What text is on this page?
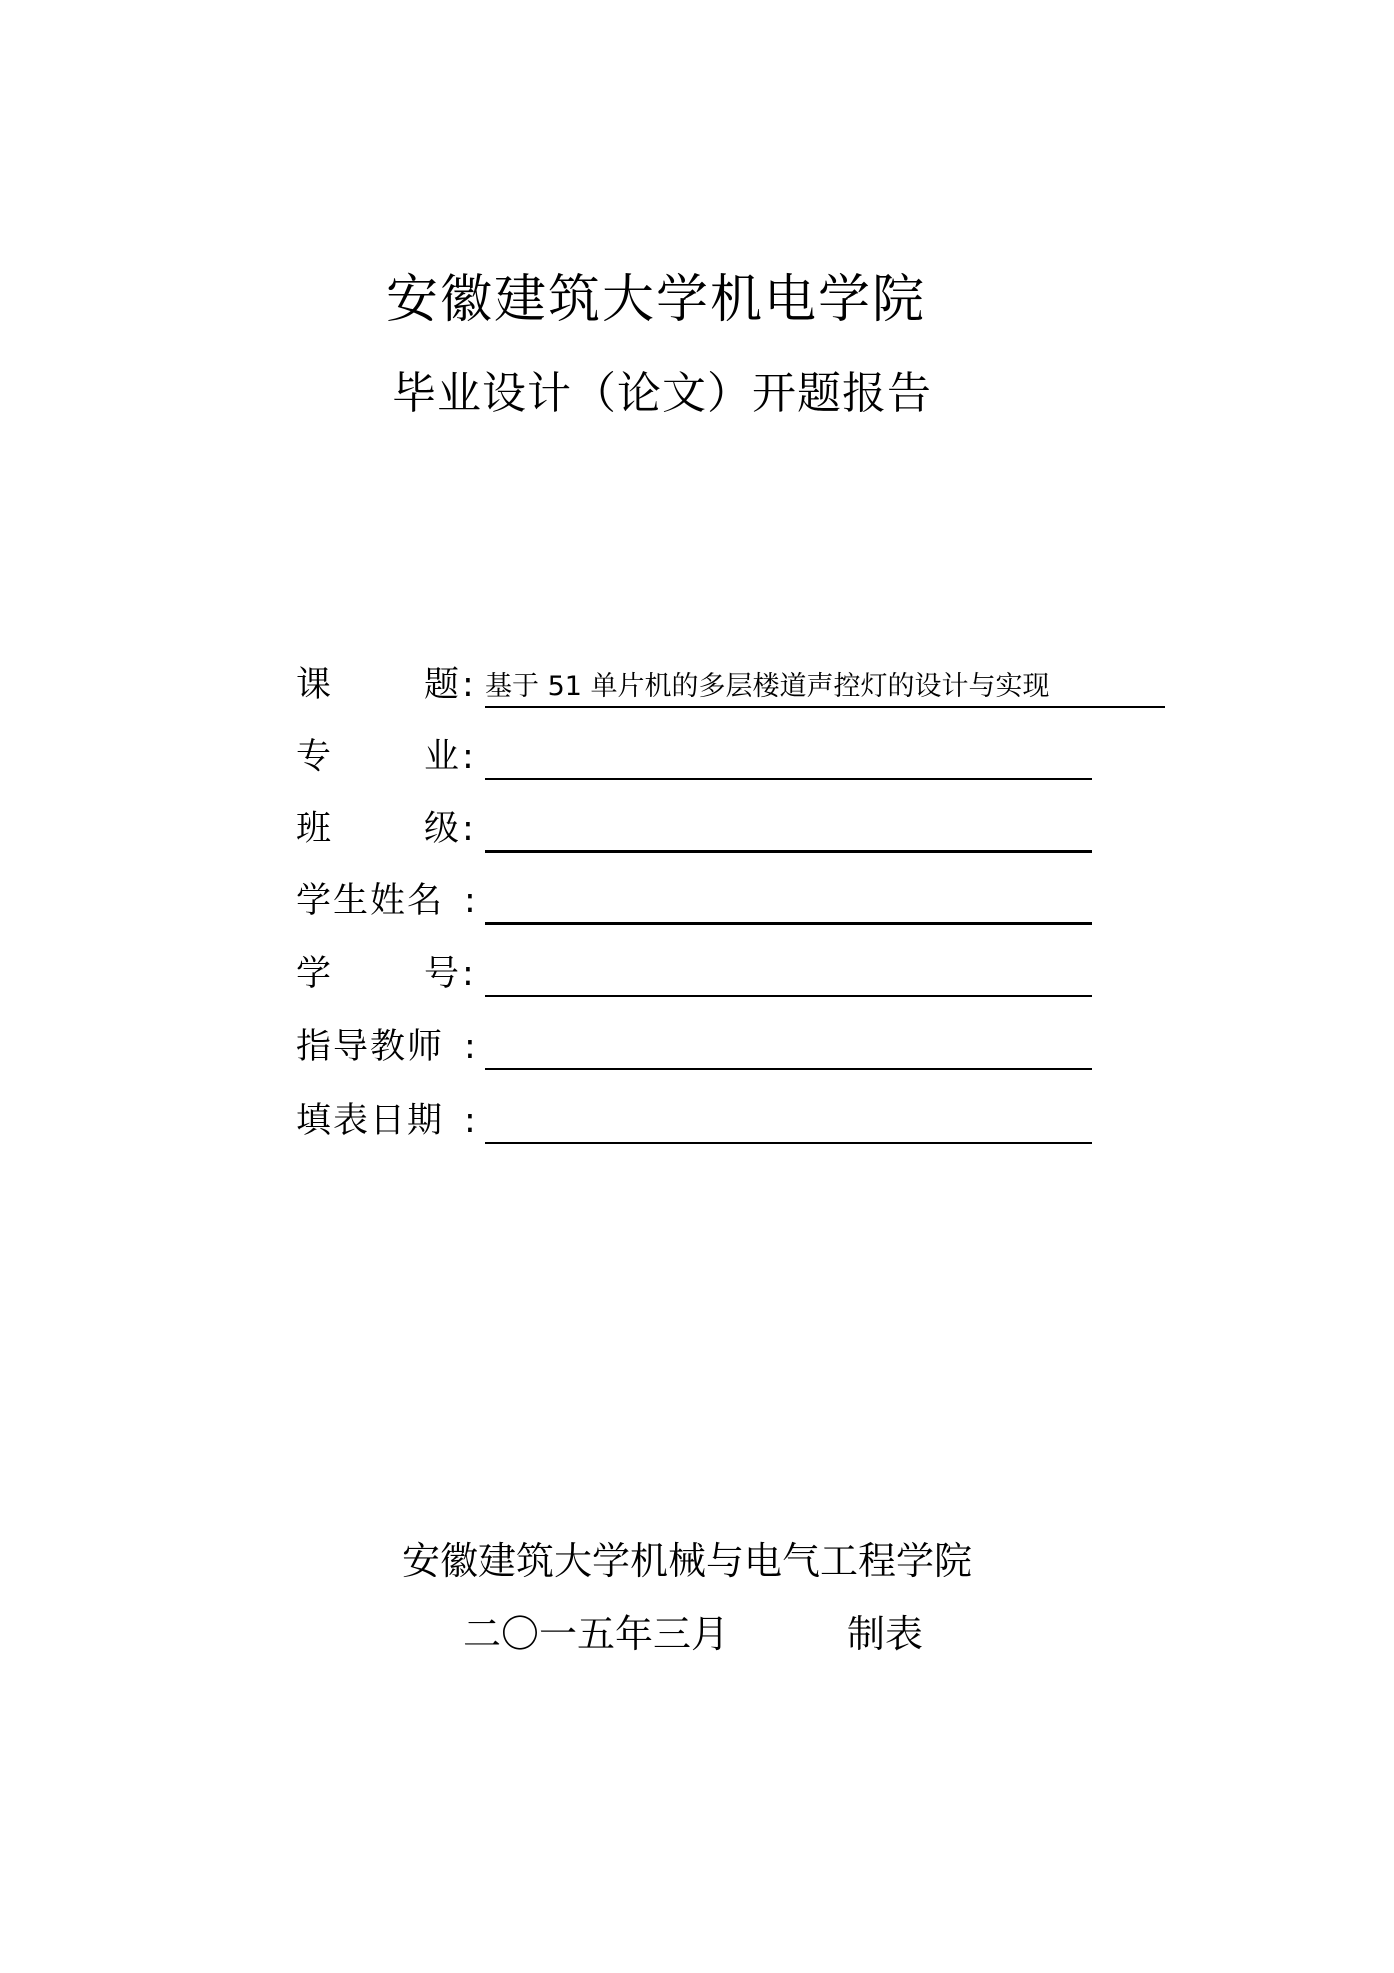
安徽建筑大学机电学院
毕业设计（论文）开题报告
课	题 : 基于 51 单片机的多层楼道声控灯的设计与实现
专	业 :
班	级 :
学生姓名 :
学	号 :
指导教师 :
填表日期 :
安徽建筑大学机械与电气工程学院
二〇一五年三月	制表
